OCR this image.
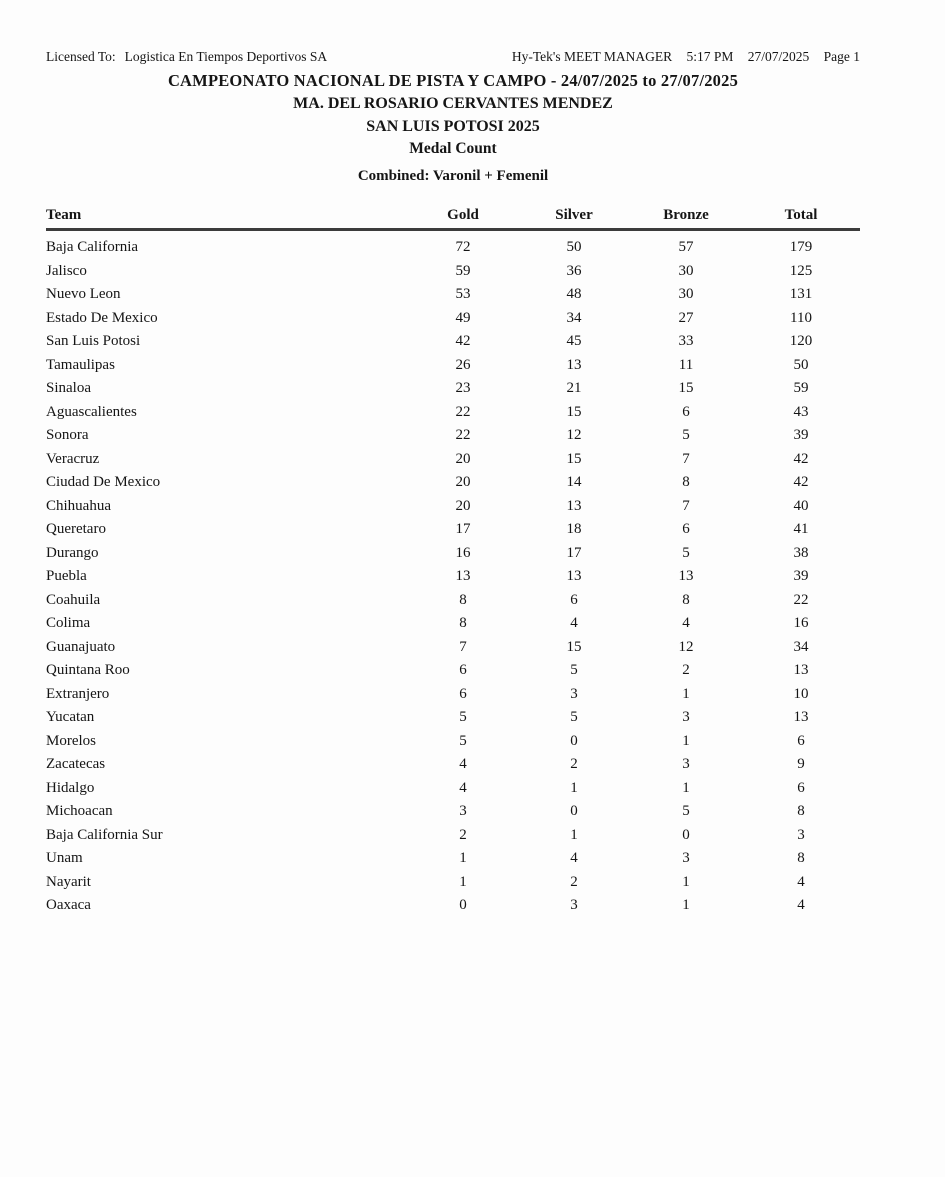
Licensed To: Logistica En Tiempos Deportivos SA	Hy-Tek's MEET MANAGER 5:17 PM 27/07/2025 Page 1
CAMPEONATO NACIONAL DE PISTA Y CAMPO - 24/07/2025 to 27/07/2025
MA. DEL ROSARIO CERVANTES MENDEZ
SAN LUIS POTOSI 2025
Medal Count
Combined: Varonil + Femenil
Team	Gold	Silver	Bronze	Total
Baja California	72	50	57	179
Jalisco	59	36	30	125
Nuevo Leon	53	48	30	131
Estado De Mexico	49	34	27	110
San Luis Potosi	42	45	33	120
Tamaulipas	26	13	11	50
Sinaloa	23	21	15	59
Aguascalientes	22	15	6	43
Sonora	22	12	5	39
Veracruz	20	15	7	42
Ciudad De Mexico	20	14	8	42
Chihuahua	20	13	7	40
Queretaro	17	18	6	41
Durango	16	17	5	38
Puebla	13	13	13	39
Coahuila	8	6	8	22
Colima	8	4	4	16
Guanajuato	7	15	12	34
Quintana Roo	6	5	2	13
Extranjero	6	3	1	10
Yucatan	5	5	3	13
Morelos	5	0	1	6
Zacatecas	4	2	3	9
Hidalgo	4	1	1	6
Michoacan	3	0	5	8
Baja California Sur	2	1	0	3
Unam	1	4	3	8
Nayarit	1	2	1	4
Oaxaca	0	3	1	4
